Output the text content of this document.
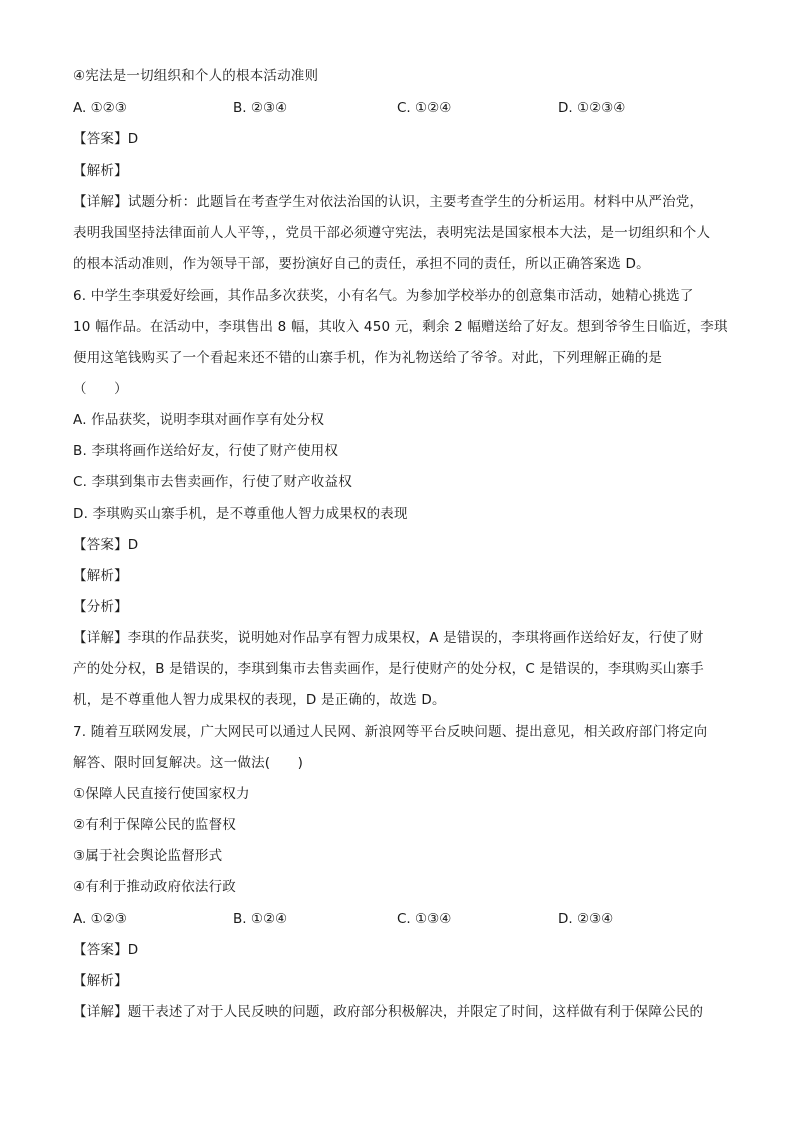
④宪法是一切组织和个人的根本活动准则
A. ①②③	B. ②③④	C. ①②④	D. ①②③④
【答案】D
【解析】
【详解】试题分析：此题旨在考查学生对依法治国的认识，主要考查学生的分析运用。材料中从严治党，
表明我国坚持法律面前人人平等，，党员干部必须遵守宪法，表明宪法是国家根本大法，是一切组织和个人
的根本活动准则，作为领导干部，要扮演好自己的责任，承担不同的责任，所以正确答案选 D。
6. 中学生李琪爱好绘画，其作品多次获奖，小有名气。为参加学校举办的创意集市活动，她精心挑选了
10 幅作品。在活动中，李琪售出 8 幅，其收入 450 元，剩余 2 幅赠送给了好友。想到爷爷生日临近，李琪
便用这笔钱购买了一个看起来还不错的山寨手机，作为礼物送给了爷爷。对此，下列理解正确的是
（　　）
A. 作品获奖，说明李琪对画作享有处分权
B. 李琪将画作送给好友，行使了财产使用权
C. 李琪到集市去售卖画作，行使了财产收益权
D. 李琪购买山寨手机，是不尊重他人智力成果权的表现
【答案】D
【解析】
【分析】
【详解】李琪的作品获奖，说明她对作品享有智力成果权，A 是错误的，李琪将画作送给好友，行使了财
产的处分权，B 是错误的，李琪到集市去售卖画作，是行使财产的处分权，C 是错误的，李琪购买山寨手
机，是不尊重他人智力成果权的表现，D 是正确的，故选 D。
7. 随着互联网发展，广大网民可以通过人民网、新浪网等平台反映问题、提出意见，相关政府部门将定向
解答、限时回复解决。这一做法(　　)
①保障人民直接行使国家权力
②有利于保障公民的监督权
③属于社会舆论监督形式
④有利于推动政府依法行政
A. ①②③	B. ①②④	C. ①③④	D. ②③④
【答案】D
【解析】
【详解】题干表述了对于人民反映的问题，政府部分积极解决，并限定了时间，这样做有利于保障公民的
